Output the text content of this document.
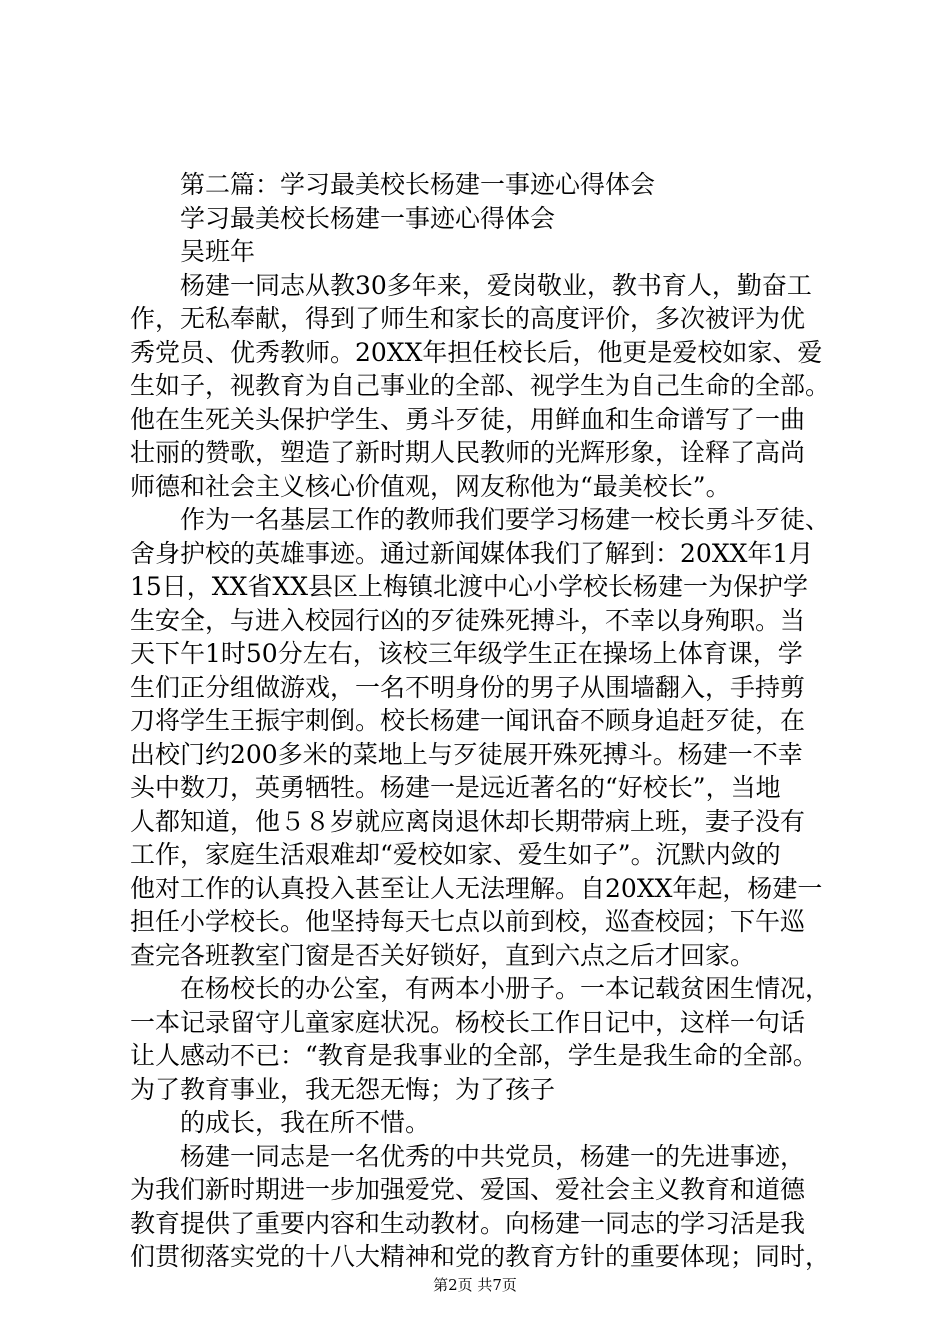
　　第二篇：学习最美校长杨建一事迹心得体会
　　学习最美校长杨建一事迹心得体会
　　吴班年
　　杨建一同志从教30多年来，爱岗敬业，教书育人，勤奋工
作，无私奉献，得到了师生和家长的高度评价，多次被评为优
秀党员、优秀教师。20XX年担任校长后，他更是爱校如家、爱
生如子，视教育为自己事业的全部、视学生为自己生命的全部。
他在生死关头保护学生、勇斗歹徒，用鲜血和生命谱写了一曲
壮丽的赞歌，塑造了新时期人民教师的光辉形象，诠释了高尚
师德和社会主义核心价值观，网友称他为“最美校长”。
　　作为一名基层工作的教师我们要学习杨建一校长勇斗歹徒、
舍身护校的英雄事迹。通过新闻媒体我们了解到：20XX年1月
15日，XX省XX县区上梅镇北渡中心小学校长杨建一为保护学
生安全，与进入校园行凶的歹徒殊死搏斗，不幸以身殉职。当
天下午1时50分左右，该校三年级学生正在操场上体育课，学
生们正分组做游戏，一名不明身份的男子从围墙翻入，手持剪
刀将学生王振宇刺倒。校长杨建一闻讯奋不顾身追赶歹徒，在
出校门约200多米的菜地上与歹徒展开殊死搏斗。杨建一不幸
头中数刀，英勇牺牲。杨建一是远近著名的“好校长”，当地
人都知道，他５８岁就应离岗退休却长期带病上班，妻子没有
工作，家庭生活艰难却“爱校如家、爱生如子”。沉默内敛的
他对工作的认真投入甚至让人无法理解。自20XX年起，杨建一
担任小学校长。他坚持每天七点以前到校，巡查校园；下午巡
查完各班教室门窗是否关好锁好，直到六点之后才回家。
　　在杨校长的办公室，有两本小册子。一本记载贫困生情况，
一本记录留守儿童家庭状况。杨校长工作日记中，这样一句话
让人感动不已：“教育是我事业的全部，学生是我生命的全部。
为了教育事业，我无怨无悔；为了孩子
　　的成长，我在所不惜。
　　杨建一同志是一名优秀的中共党员，杨建一的先进事迹，
为我们新时期进一步加强爱党、爱国、爱社会主义教育和道德
教育提供了重要内容和生动教材。向杨建一同志的学习活是我
们贯彻落实党的十八大精神和党的教育方针的重要体现；同时，
第2页 共7页
